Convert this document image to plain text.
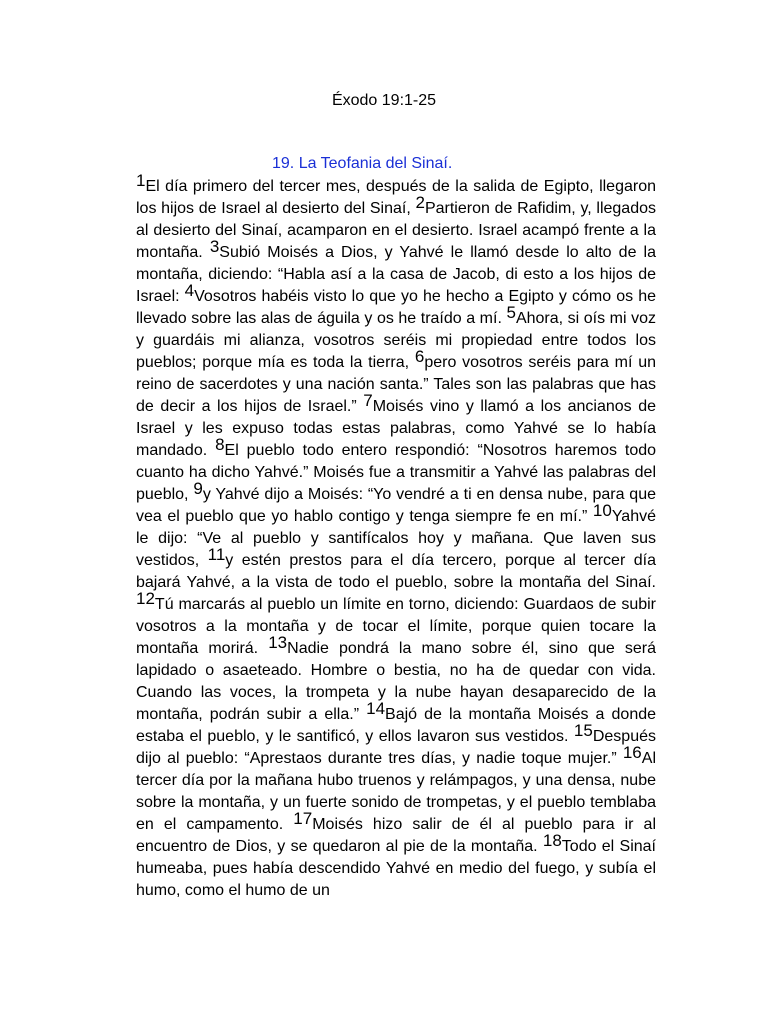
Éxodo 19:1-25
19. La Teofania del Sinaí.

1El día primero del tercer mes, después de la salida de Egipto, llegaron los hijos de Israel al desierto del Sinaí, 2Partieron de Rafidim, y, llegados al desierto del Sinaí, acamparon en el desierto. Israel acampó frente a la montaña. 3Subió Moisés a Dios, y Yahvé le llamó desde lo alto de la montaña, diciendo: “Habla así a la casa de Jacob, di esto a los hijos de Israel: 4Vosotros habéis visto lo que yo he hecho a Egipto y cómo os he llevado sobre las alas de águila y os he traído a mí. 5Ahora, si oís mi voz y guardáis mi alianza, vosotros seréis mi propiedad entre todos los pueblos; porque mía es toda la tierra, 6pero vosotros seréis para mí un reino de sacerdotes y una nación santa.” Tales son las palabras que has de decir a los hijos de Israel.” 7Moisés vino y llamó a los ancianos de Israel y les expuso todas estas palabras, como Yahvé se lo había mandado. 8El pueblo todo entero respondió: “Nosotros haremos todo cuanto ha dicho Yahvé.” Moisés fue a transmitir a Yahvé las palabras del pueblo, 9y Yahvé dijo a Moisés: “Yo vendré a ti en densa nube, para que vea el pueblo que yo hablo contigo y tenga siempre fe en mí.” 10Yahvé le dijo: “Ve al pueblo y santifícalos hoy y mañana. Que laven sus vestidos, 11y estén prestos para el día tercero, porque al tercer día bajará Yahvé, a la vista de todo el pueblo, sobre la montaña del Sinaí. 12Tú marcarás al pueblo un límite en torno, diciendo: Guardaos de subir vosotros a la montaña y de tocar el límite, porque quien tocare la montaña morirá. 13Nadie pondrá la mano sobre él, sino que será lapidado o asaeteado. Hombre o bestia, no ha de quedar con vida. Cuando las voces, la trompeta y la nube hayan desaparecido de la montaña, podrán subir a ella.” 14Bajó de la montaña Moisés a donde estaba el pueblo, y le santificó, y ellos lavaron sus vestidos. 15Después dijo al pueblo: “Aprestaos durante tres días, y nadie toque mujer.” 16Al tercer día por la mañana hubo truenos y relámpagos, y una densa, nube sobre la montaña, y un fuerte sonido de trompetas, y el pueblo temblaba en el campamento. 17Moisés hizo salir de él al pueblo para ir al encuentro de Dios, y se quedaron al pie de la montaña. 18Todo el Sinaí humeaba, pues había descendido Yahvé en medio del fuego, y subía el humo, como el humo de un
